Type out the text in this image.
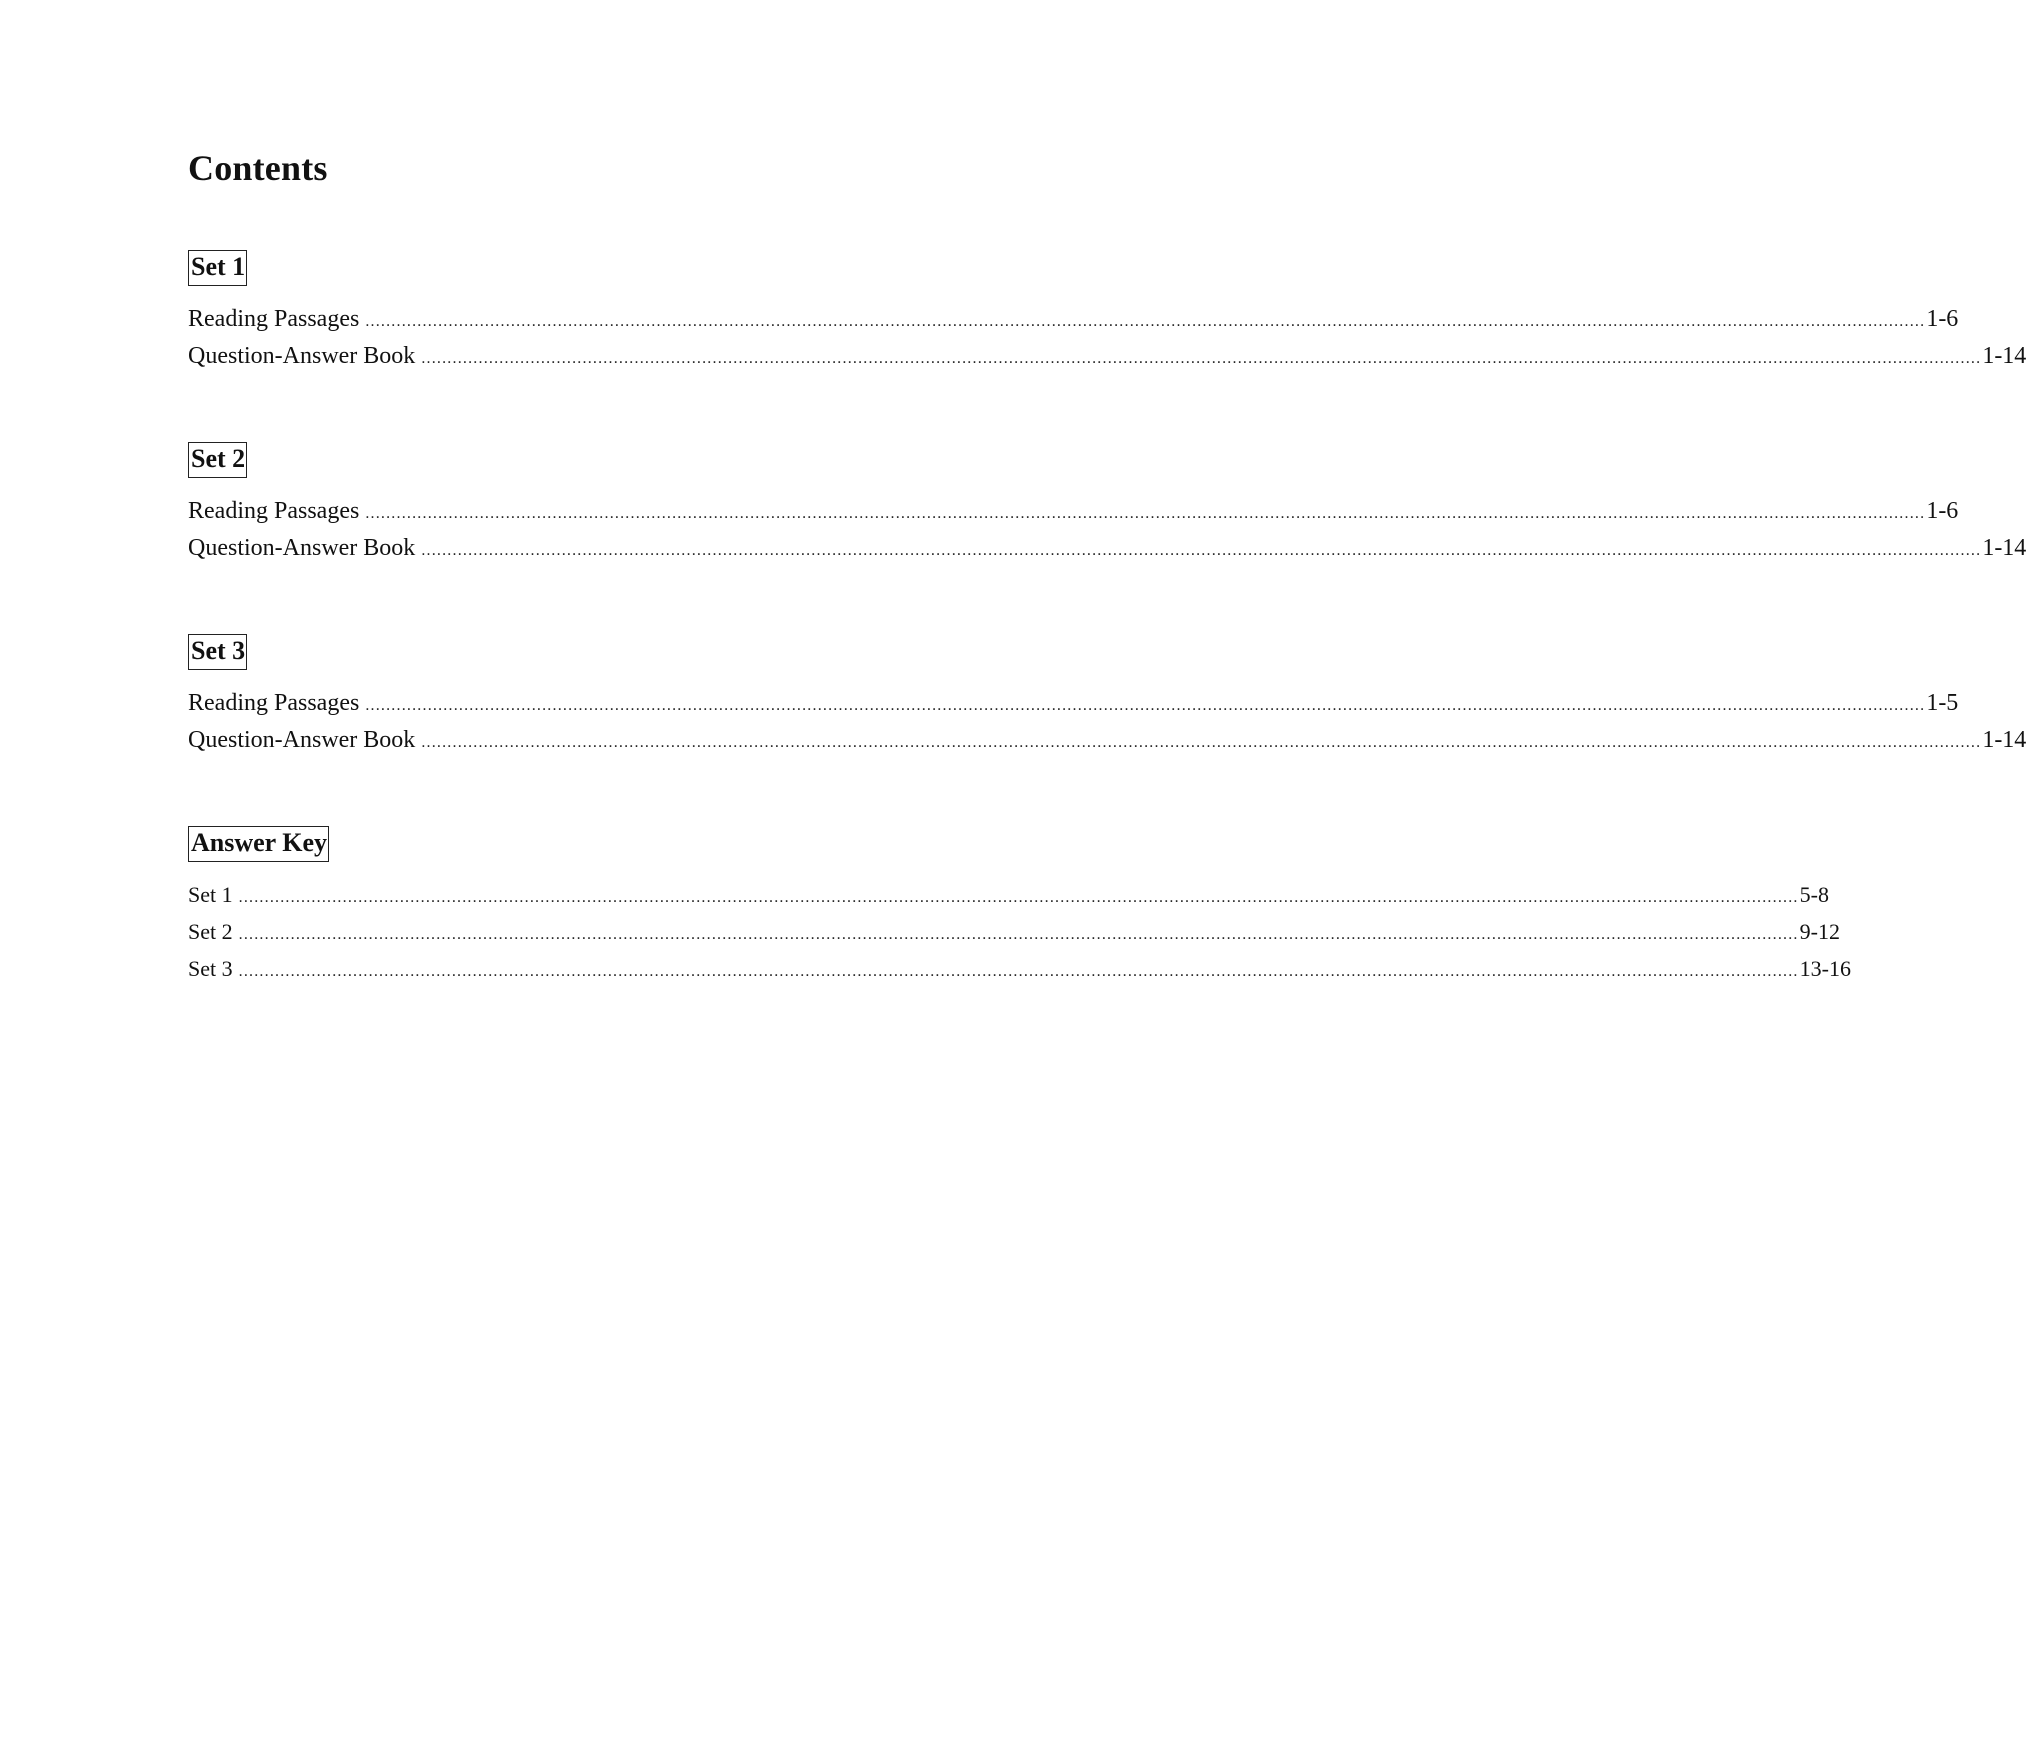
Contents
Set 1
Reading Passages ............................................................................................................................................................................................................................................................................................................ 1-6
Question-Answer Book ............................................................................................................................................................................................................................................................................................................ 1-14
Set 2
Reading Passages ............................................................................................................................................................................................................................................................................................................ 1-6
Question-Answer Book ............................................................................................................................................................................................................................................................................................................ 1-14
Set 3
Reading Passages ............................................................................................................................................................................................................................................................................................................ 1-5
Question-Answer Book ............................................................................................................................................................................................................................................................................................................ 1-14
Answer Key
Set 1 ............................................................................................................................................................................................................................................................................................................ 5-8
Set 2 ............................................................................................................................................................................................................................................................................................................ 9-12
Set 3 ............................................................................................................................................................................................................................................................................................................ 13-16
